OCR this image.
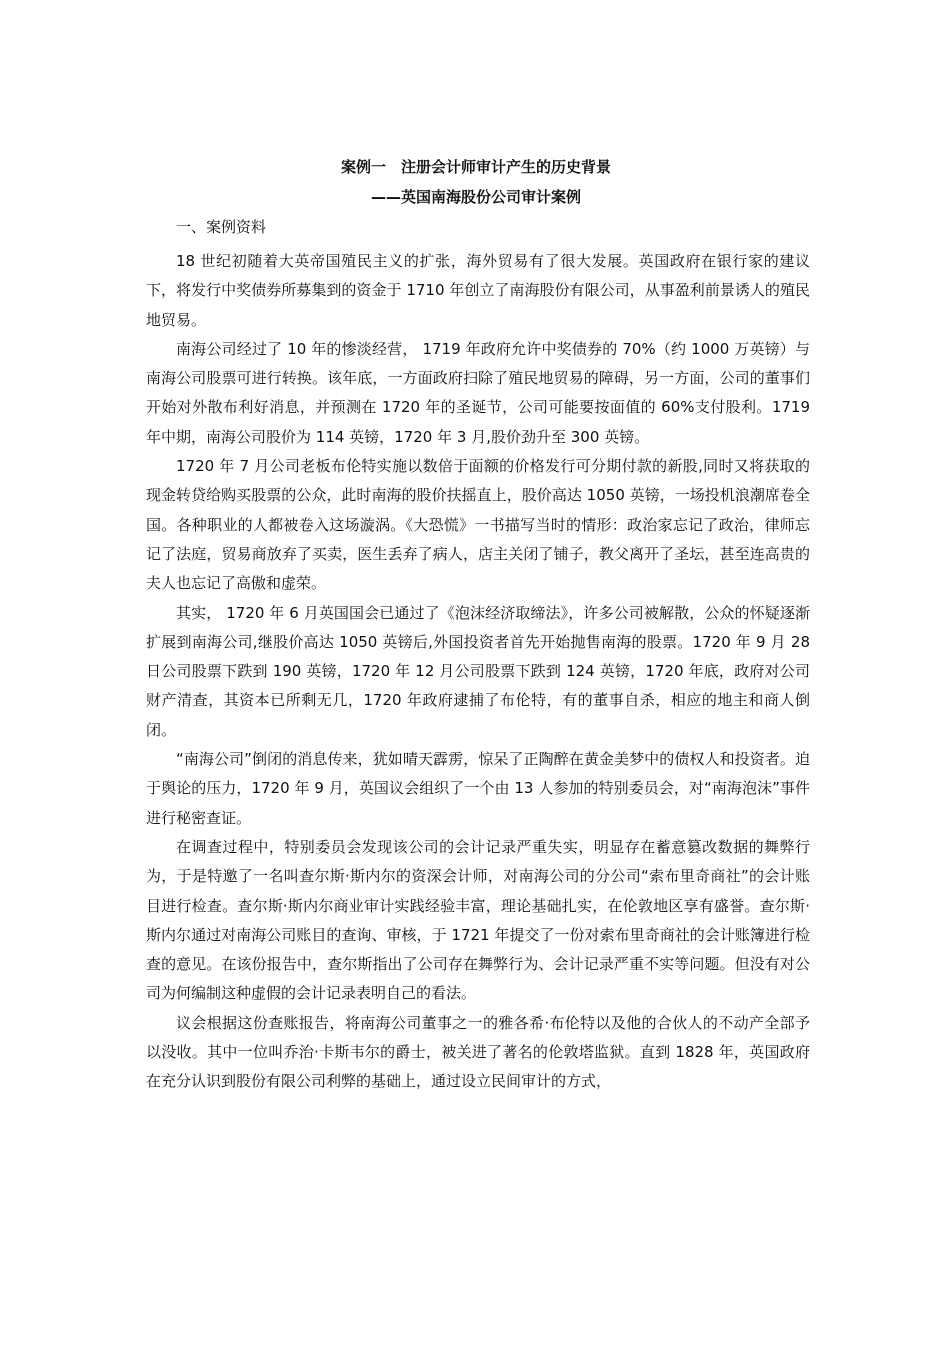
案例一　注册会计师审计产生的历史背景
——英国南海股份公司审计案例
一、案例资料

18 世纪初随着大英帝国殖民主义的扩张，海外贸易有了很大发展。英国政府在银行家的建议下，将发行中奖债券所募集到的资金于 1710 年创立了南海股份有限公司，从事盈利前景诱人的殖民地贸易。

南海公司经过了 10 年的惨淡经营， 1719 年政府允许中奖债券的 70%（约 1000 万英镑）与南海公司股票可进行转换。该年底，一方面政府扫除了殖民地贸易的障碍，另一方面，公司的董事们开始对外散布利好消息，并预测在 1720 年的圣诞节，公司可能要按面值的 60%支付股利。1719 年中期，南海公司股价为 114 英镑，1720 年 3 月,股价劲升至 300 英镑。

1720 年 7 月公司老板布伦特实施以数倍于面额的价格发行可分期付款的新股,同时又将获取的现金转贷给购买股票的公众，此时南海的股价扶摇直上，股价高达 1050 英镑，一场投机浪潮席卷全国。各种职业的人都被卷入这场漩涡。《大恐慌》一书描写当时的情形：政治家忘记了政治，律师忘记了法庭，贸易商放弃了买卖，医生丢弃了病人，店主关闭了铺子，教父离开了圣坛，甚至连高贵的夫人也忘记了高傲和虚荣。

其实， 1720 年 6 月英国国会已通过了《泡沫经济取缔法》，许多公司被解散，公众的怀疑逐渐扩展到南海公司,继股价高达 1050 英镑后,外国投资者首先开始抛售南海的股票。1720 年 9 月 28 日公司股票下跌到 190 英镑，1720 年 12 月公司股票下跌到 124 英镑，1720 年底，政府对公司财产清查，其资本已所剩无几，1720 年政府逮捕了布伦特，有的董事自杀，相应的地主和商人倒闭。

“南海公司”倒闭的消息传来，犹如晴天霹雳，惊呆了正陶醉在黄金美梦中的债权人和投资者。迫于舆论的压力，1720 年 9 月，英国议会组织了一个由 13 人参加的特别委员会，对“南海泡沫”事件进行秘密查证。

在调查过程中，特别委员会发现该公司的会计记录严重失实，明显存在蓄意篡改数据的舞弊行为，于是特邀了一名叫查尔斯·斯内尔的资深会计师，对南海公司的分公司“索布里奇商社”的会计账目进行检查。查尔斯·斯内尔商业审计实践经验丰富，理论基础扎实，在伦敦地区享有盛誉。查尔斯·斯内尔通过对南海公司账目的查询、审核，于 1721 年提交了一份对索布里奇商社的会计账簿进行检查的意见。在该份报告中，查尔斯指出了公司存在舞弊行为、会计记录严重不实等问题。但没有对公司为何编制这种虚假的会计记录表明自己的看法。

议会根据这份查账报告，将南海公司董事之一的雅各希·布伦特以及他的合伙人的不动产全部予以没收。其中一位叫乔治·卡斯韦尔的爵士，被关进了著名的伦敦塔监狱。直到 1828 年，英国政府在充分认识到股份有限公司利弊的基础上，通过设立民间审计的方式，
